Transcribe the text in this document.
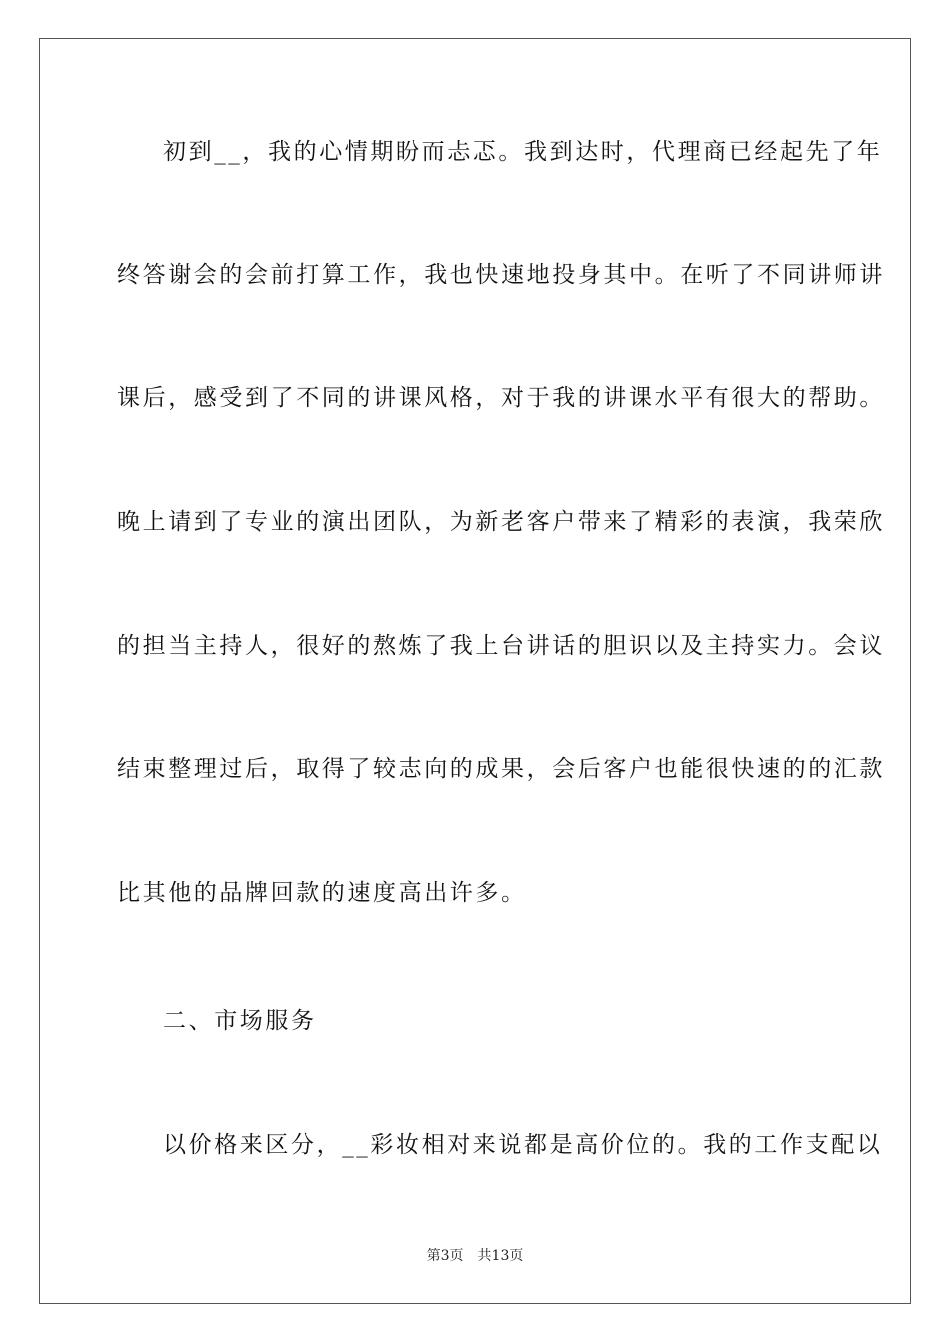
初到__，我的心情期盼而忐忑。我到达时，代理商已经起先了年
终答谢会的会前打算工作，我也快速地投身其中。在听了不同讲师讲
课后，感受到了不同的讲课风格，对于我的讲课水平有很大的帮助。
晚上请到了专业的演出团队，为新老客户带来了精彩的表演，我荣欣
的担当主持人，很好的熬炼了我上台讲话的胆识以及主持实力。会议
结束整理过后，取得了较志向的成果，会后客户也能很快速的的汇款
比其他的品牌回款的速度高出许多。
二、市场服务
以价格来区分，__彩妆相对来说都是高价位的。我的工作支配以
第3页　共13页
